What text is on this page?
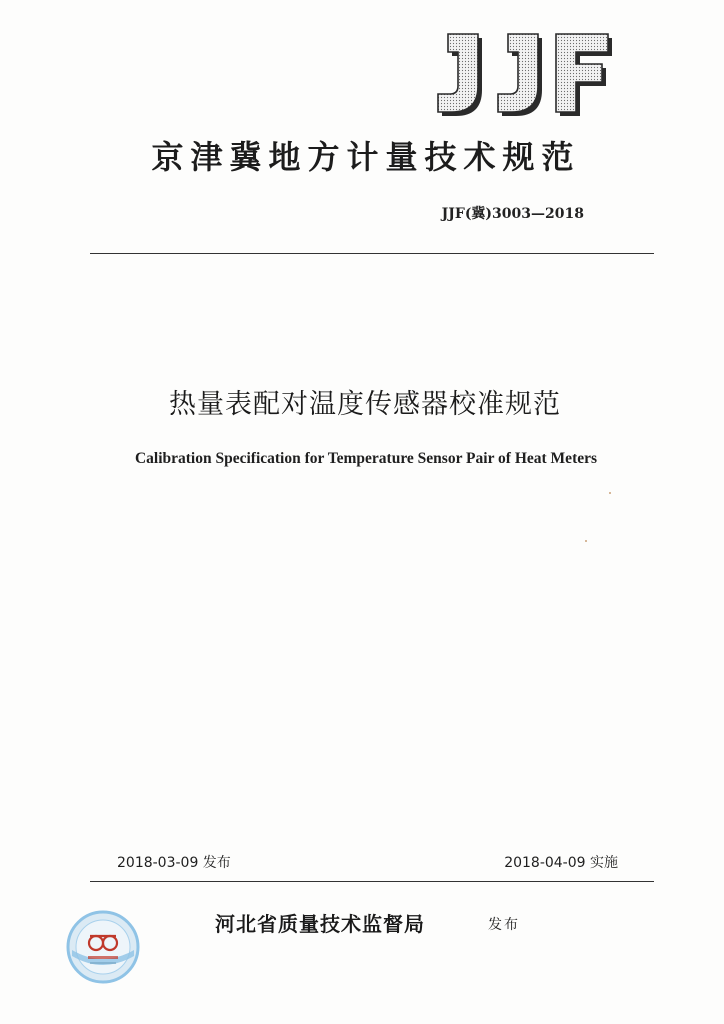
京津冀地方计量技术规范
JJF(冀)3003—2018
热量表配对温度传感器校准规范
Calibration Specification for Temperature Sensor Pair of Heat Meters
2018-03-09 发布	2018-04-09 实施
河北省质量技术监督局	发布
